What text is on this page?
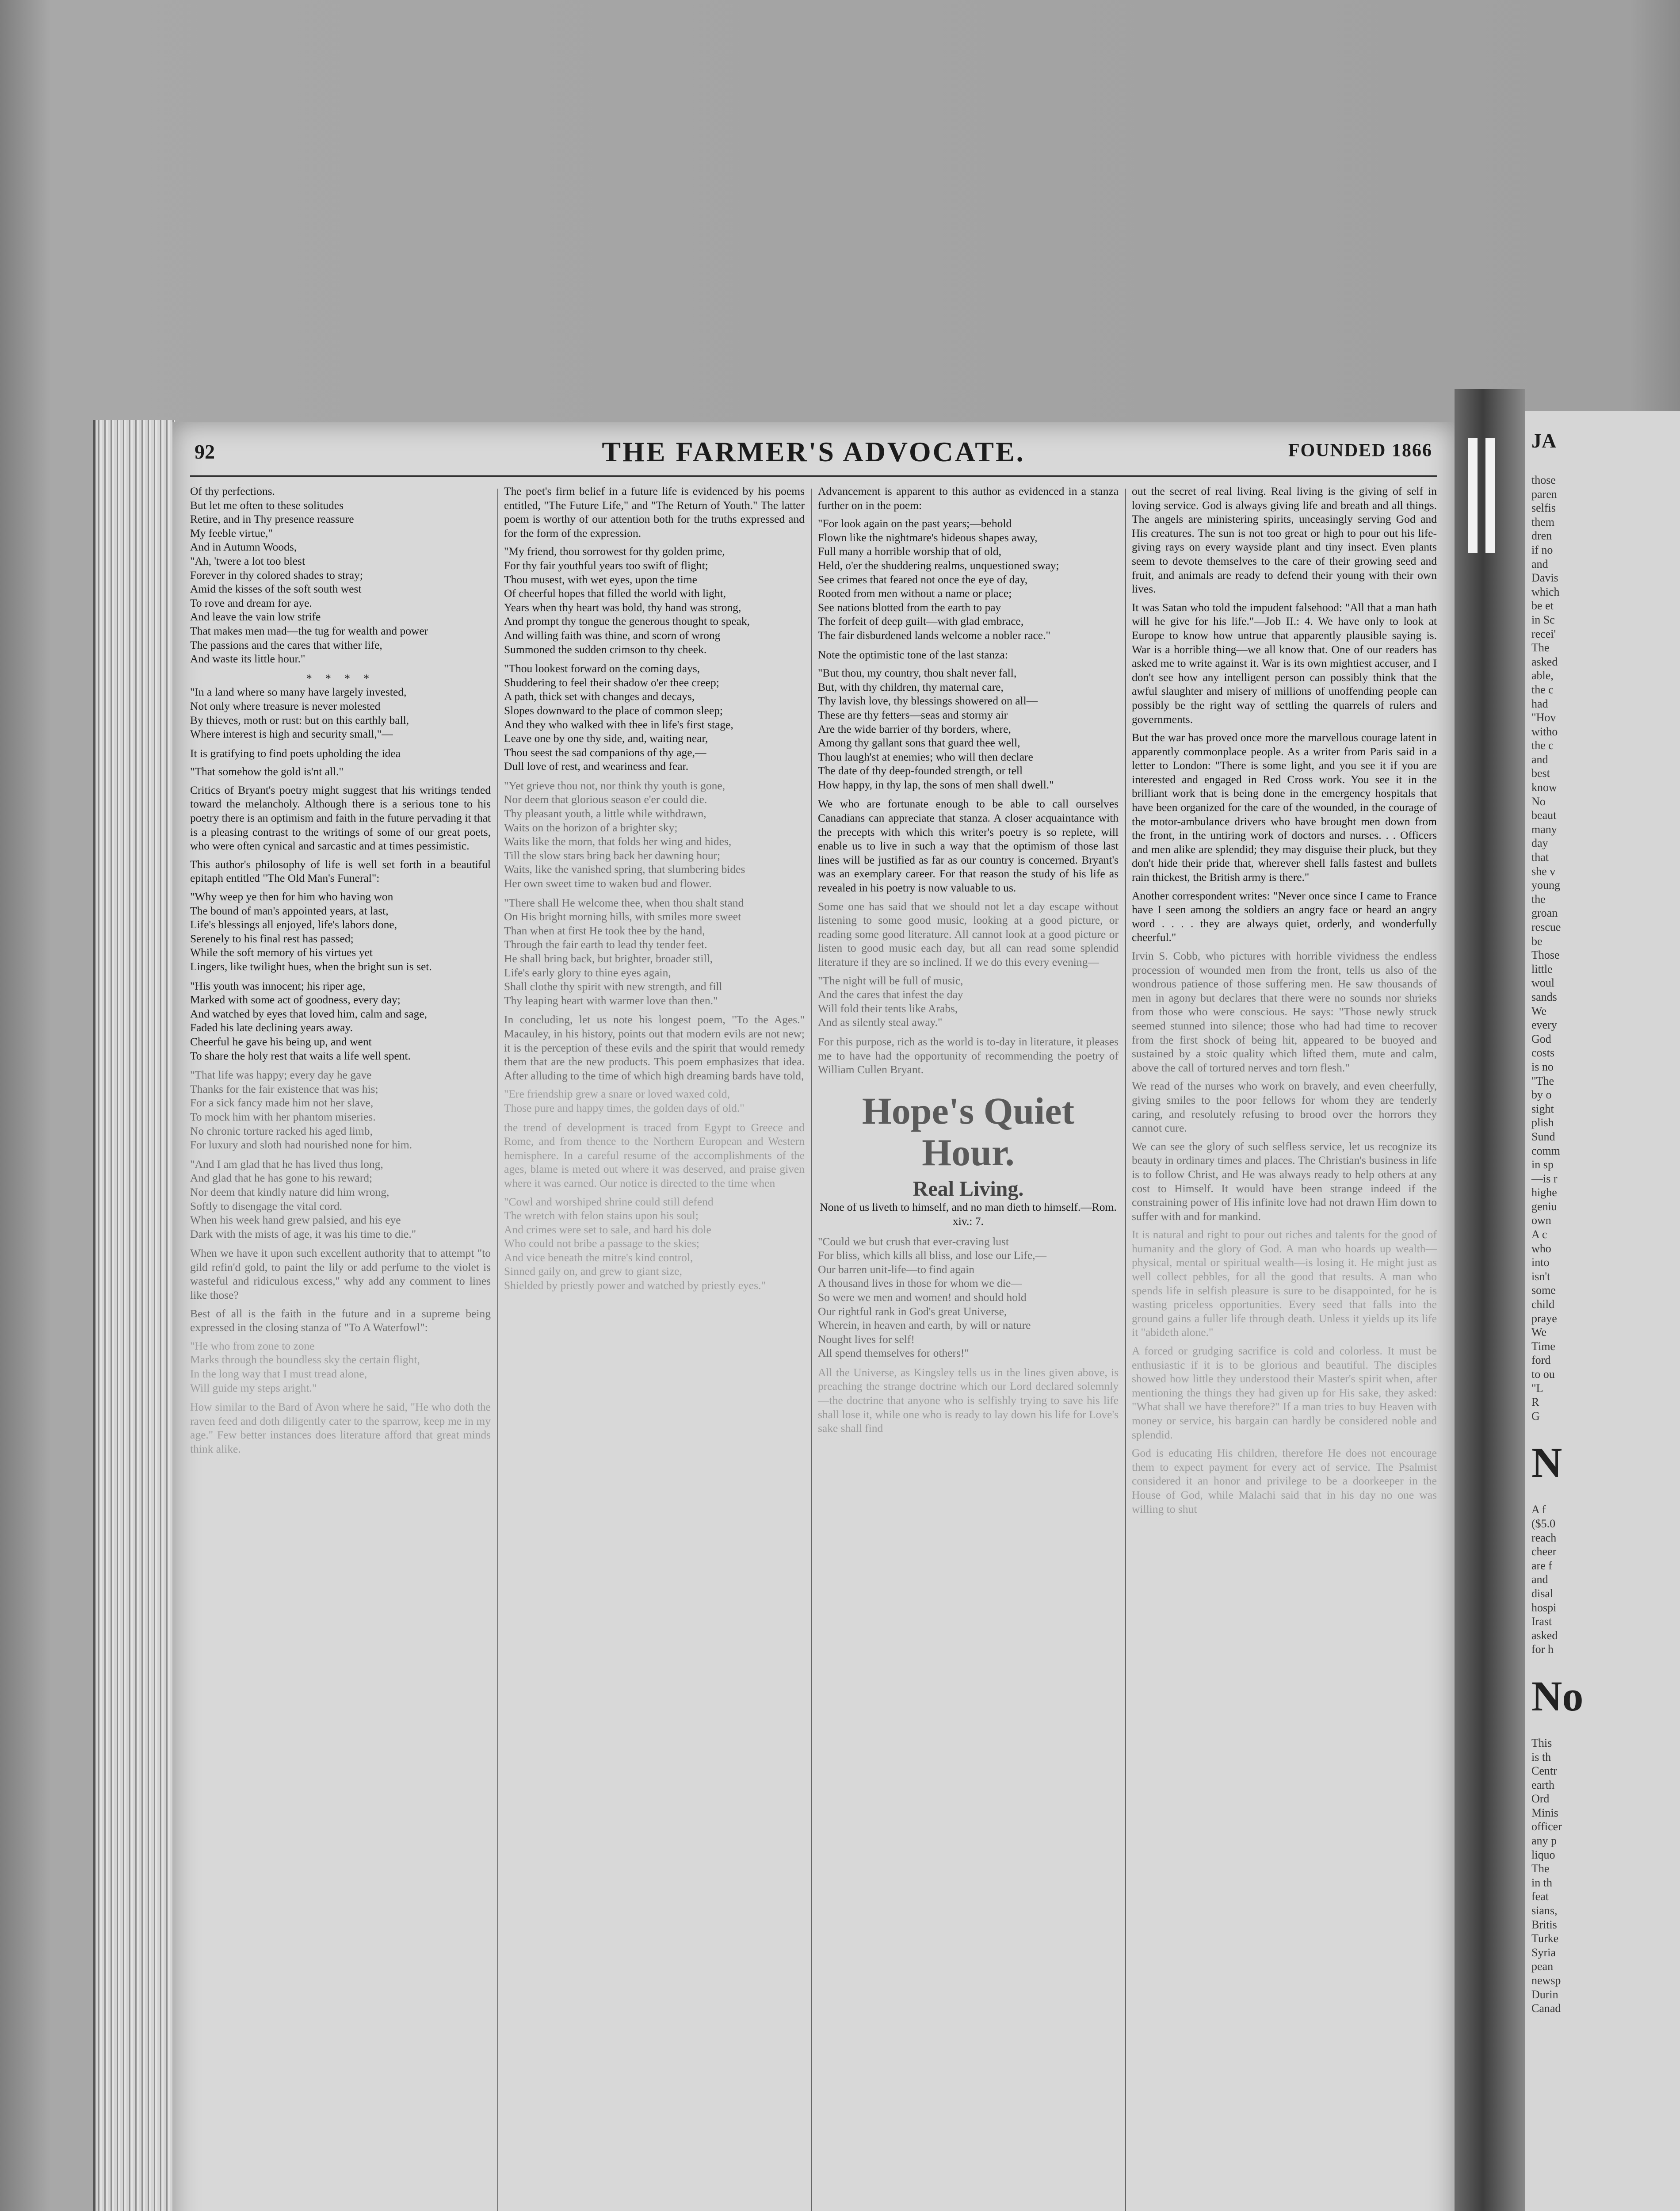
92	THE FARMER'S ADVOCATE.	FOUNDED 1866
Of thy perfections.
But let me often to these solitudes
Retire, and in Thy presence reassure
My feeble virtue,"
And in Autumn Woods,
"Ah, 'twere a lot too blest
Forever in thy colored shades to stray;
Amid the kisses of the soft south west
To rove and dream for aye.
And leave the vain low strife
That makes men mad—the tug for wealth and power
The passions and the cares that wither life,
And waste its little hour."
* * * *
"In a land where so many have largely invested,
Not only where treasure is never molested
By thieves, moth or rust: but on this earthly ball,
Where interest is high and security small,"—

It is gratifying to find poets upholding the idea

"That somehow the gold is'nt all."

Critics of Bryant's poetry might suggest that his writings tended toward the melancholy. Although there is a serious tone to his poetry there is an optimism and faith in the future pervading it that is a pleasing contrast to the writings of some of our great poets, who were often cynical and sarcastic and at times pessimistic.

This author's philosophy of life is well set forth in a beautiful epitaph entitled "The Old Man's Funeral":

"Why weep ye then for him who having won
The bound of man's appointed years, at last,
Life's blessings all enjoyed, life's labors done,
Serenely to his final rest has passed;
While the soft memory of his virtues yet
Lingers, like twilight hues, when the bright sun is set.
"His youth was innocent; his riper age,
Marked with some act of goodness, every day;
And watched by eyes that loved him, calm and sage,
Faded his late declining years away.
Cheerful he gave his being up, and went
To share the holy rest that waits a life well spent.
"That life was happy; every day he gave
Thanks for the fair existence that was his;
For a sick fancy made him not her slave,
To mock him with her phantom miseries.
No chronic torture racked his aged limb,
For luxury and sloth had nourished none for him.
"And I am glad that he has lived thus long,
And glad that he has gone to his reward;
Nor deem that kindly nature did him wrong,
Softly to disengage the vital cord.
When his week hand grew palsied, and his eye
Dark with the mists of age, it was his time to die."

When we have it upon such excellent authority that to attempt "to gild refin'd gold, to paint the lily or add perfume to the violet is wasteful and ridiculous excess," why add any comment to lines like those?

Best of all is the faith in the future and in a supreme being expressed in the closing stanza of "To A Waterfowl":

"He who from zone to zone
Marks through the boundless sky the certain flight,
In the long way that I must tread alone,
Will guide my steps aright."

How similar to the Bard of Avon where he said, "He who doth the raven feed and doth diligently cater to the sparrow, keep me in my age." Few better instances does literature afford that great minds think alike.

The poet's firm belief in a future life is evidenced by his poems entitled, "The Future Life," and "The Return of Youth." The latter poem is worthy of our attention both for the truths expressed and for the form of the expression.

"My friend, thou sorrowest for thy golden prime,
For thy fair youthful years too swift of flight;
Thou musest, with wet eyes, upon the time
Of cheerful hopes that filled the world with light,
Years when thy heart was bold, thy hand was strong,
And prompt thy tongue the generous thought to speak,
And willing faith was thine, and scorn of wrong
Summoned the sudden crimson to thy cheek.
"Thou lookest forward on the coming days,
Shuddering to feel their shadow o'er thee creep;
A path, thick set with changes and decays,
Slopes downward to the place of common sleep;
And they who walked with thee in life's first stage,
Leave one by one thy side, and, waiting near,
Thou seest the sad companions of thy age,—
Dull love of rest, and weariness and fear.
"Yet grieve thou not, nor think thy youth is gone,
Nor deem that glorious season e'er could die.
Thy pleasant youth, a little while withdrawn,
Waits on the horizon of a brighter sky;
Waits like the morn, that folds her wing and hides,
Till the slow stars bring back her dawning hour;
Waits, like the vanished spring, that slumbering bides
Her own sweet time to waken bud and flower.
"There shall He welcome thee, when thou shalt stand
On His bright morning hills, with smiles more sweet
Than when at first He took thee by the hand,
Through the fair earth to lead thy tender feet.
He shall bring back, but brighter, broader still,
Life's early glory to thine eyes again,
Shall clothe thy spirit with new strength, and fill
Thy leaping heart with warmer love than then."

In concluding, let us note his longest poem, "To the Ages." Macauley, in his history, points out that modern evils are not new; it is the perception of these evils and the spirit that would remedy them that are the new products. This poem emphasizes that idea. After alluding to the time of which high dreaming bards have told,

"Ere friendship grew a snare or loved waxed cold,
Those pure and happy times, the golden days of old."

the trend of development is traced from Egypt to Greece and Rome, and from thence to the Northern European and Western hemisphere. In a careful resume of the accomplishments of the ages, blame is meted out where it was deserved, and praise given where it was earned. Our notice is directed to the time when

"Cowl and worshiped shrine could still defend
The wretch with felon stains upon his soul;
And crimes were set to sale, and hard his dole
Who could not bribe a passage to the skies;
And vice beneath the mitre's kind control,
Sinned gaily on, and grew to giant size,
Shielded by priestly power and watched by priestly eyes."

Advancement is apparent to this author as evidenced in a stanza further on in the poem:

"For look again on the past years;—behold
Flown like the nightmare's hideous shapes away,
Full many a horrible worship that of old,
Held, o'er the shuddering realms, unquestioned sway;
See crimes that feared not once the eye of day,
Rooted from men without a name or place;
See nations blotted from the earth to pay
The forfeit of deep guilt—with glad embrace,
The fair disburdened lands welcome a nobler race."

Note the optimistic tone of the last stanza:

"But thou, my country, thou shalt never fall,
But, with thy children, thy maternal care,
Thy lavish love, thy blessings showered on all—
These are thy fetters—seas and stormy air
Are the wide barrier of thy borders, where,
Among thy gallant sons that guard thee well,
Thou laugh'st at enemies; who will then declare
The date of thy deep-founded strength, or tell
How happy, in thy lap, the sons of men shall dwell."

We who are fortunate enough to be able to call ourselves Canadians can appreciate that stanza. A closer acquaintance with the precepts with which this writer's poetry is so replete, will enable us to live in such a way that the optimism of those last lines will be justified as far as our country is concerned. Bryant's was an exemplary career. For that reason the study of his life as revealed in his poetry is now valuable to us.

Some one has said that we should not let a day escape without listening to some good music, looking at a good picture, or reading some good literature. All cannot look at a good picture or listen to good music each day, but all can read some splendid literature if they are so inclined. If we do this every evening—

"The night will be full of music,
And the cares that infest the day
Will fold their tents like Arabs,
And as silently steal away."

For this purpose, rich as the world is to-day in literature, it pleases me to have had the opportunity of recommending the poetry of William Cullen Bryant.

Hope's Quiet Hour.
Real Living.
None of us liveth to himself, and no man dieth to himself.—Rom. xiv.: 7.
"Could we but crush that ever-craving lust
For bliss, which kills all bliss, and lose our Life,—
Our barren unit-life—to find again
A thousand lives in those for whom we die—
So were we men and women! and should hold
Our rightful rank in God's great Universe,
Wherein, in heaven and earth, by will or nature
Nought lives for self!
All spend themselves for others!"

All the Universe, as Kingsley tells us in the lines given above, is preaching the strange doctrine which our Lord declared solemnly—the doctrine that anyone who is selfishly trying to save his life shall lose it, while one who is ready to lay down his life for Love's sake shall find

out the secret of real living. Real living is the giving of self in loving service. God is always giving life and breath and all things. The angels are ministering spirits, unceasingly serving God and His creatures. The sun is not too great or high to pour out his life-giving rays on every wayside plant and tiny insect. Even plants seem to devote themselves to the care of their growing seed and fruit, and animals are ready to defend their young with their own lives.

It was Satan who told the impudent falsehood: "All that a man hath will he give for his life."—Job II.: 4. We have only to look at Europe to know how untrue that apparently plausible saying is. War is a horrible thing—we all know that. One of our readers has asked me to write against it. War is its own mightiest accuser, and I don't see how any intelligent person can possibly think that the awful slaughter and misery of millions of unoffending people can possibly be the right way of settling the quarrels of rulers and governments.

But the war has proved once more the marvellous courage latent in apparently commonplace people. As a writer from Paris said in a letter to London: "There is some light, and you see it if you are interested and engaged in Red Cross work. You see it in the brilliant work that is being done in the emergency hospitals that have been organized for the care of the wounded, in the courage of the motor-ambulance drivers who have brought men down from the front, in the untiring work of doctors and nurses. . . Officers and men alike are splendid; they may disguise their pluck, but they don't hide their pride that, wherever shell falls fastest and bullets rain thickest, the British army is there."

Another correspondent writes: "Never once since I came to France have I seen among the soldiers an angry face or heard an angry word . . . . they are always quiet, orderly, and wonderfully cheerful."

Irvin S. Cobb, who pictures with horrible vividness the endless procession of wounded men from the front, tells us also of the wondrous patience of those suffering men. He saw thousands of men in agony but declares that there were no sounds nor shrieks from those who were conscious. He says: "Those newly struck seemed stunned into silence; those who had had time to recover from the first shock of being hit, appeared to be buoyed and sustained by a stoic quality which lifted them, mute and calm, above the call of tortured nerves and torn flesh."

We read of the nurses who work on bravely, and even cheerfully, giving smiles to the poor fellows for whom they are tenderly caring, and resolutely refusing to brood over the horrors they cannot cure.

We can see the glory of such selfless service, let us recognize its beauty in ordinary times and places. The Christian's business in life is to follow Christ, and He was always ready to help others at any cost to Himself. It would have been strange indeed if the constraining power of His infinite love had not drawn Him down to suffer with and for mankind.

It is natural and right to pour out riches and talents for the good of humanity and the glory of God. A man who hoards up wealth—physical, mental or spiritual wealth—is losing it. He might just as well collect pebbles, for all the good that results. A man who spends life in selfish pleasure is sure to be disappointed, for he is wasting priceless opportunities. Every seed that falls into the ground gains a fuller life through death. Unless it yields up its life it "abideth alone."

A forced or grudging sacrifice is cold and colorless. It must be enthusiastic if it is to be glorious and beautiful. The disciples showed how little they understood their Master's spirit when, after mentioning the things they had given up for His sake, they asked: "What shall we have therefore?" If a man tries to buy Heaven with money or service, his bargain can hardly be considered noble and splendid.

God is educating His children, therefore He does not encourage them to expect payment for every act of service. The Psalmist considered it an honor and privilege to be a doorkeeper in the House of God, while Malachi said that in his day no one was willing to shut

JA
those
paren
selfis
them
dren
if no
and
Davis
which
be et
in Sc
recei'
The
asked
able,
the c
had
"Hov
witho
the c
and
best
know
No
beaut
many
day
that
she v
young
the
groan
rescue
be
Those
little
woul
sands
We
every
God
costs
is no
"The
by o
sight
plish
Sund
comm
in sp
—is r
highe
geniu
own
A c
who
into
isn't
some
child
praye
We
Time
ford
to ou
"L
R
G
N
A f
($5.0
reach
cheer
are f
and
disal
hospi
Irast
asked
for h
No
This
is th
Centr
earth
Ord
Minis
officer
any p
liquo
The
in th
feat
sians,
Britis
Turke
Syria
pean
newsp
Durin
Canad
